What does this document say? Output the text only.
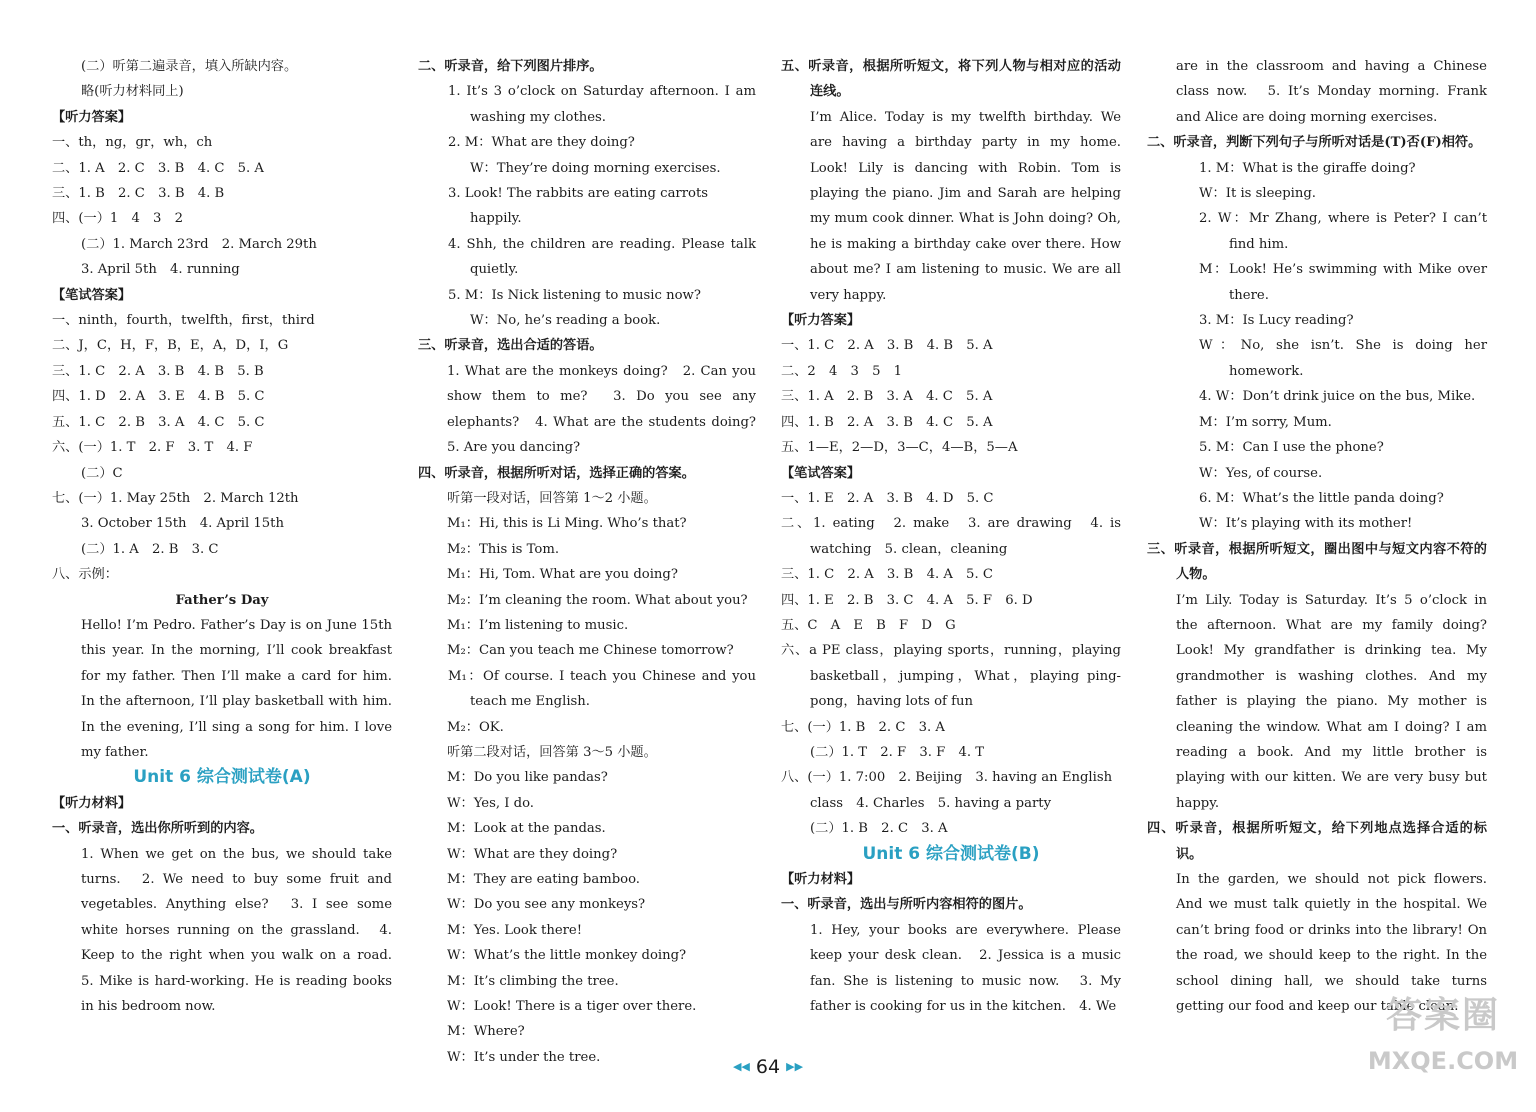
(二）听第二遍录音，填入所缺内容。

略(听力材料同上)

【听力答案】

一、th，ng，gr，wh，ch

二、1. A　2. C　3. B　4. C　5. A

三、1. B　2. C　3. B　4. B

四、(一）1　4　3　2

(二）1. March 23rd　2. March 29th

3. April 5th　4. running

【笔试答案】

一、ninth，fourth，twelfth，first，third

二、J，C，H，F，B，E，A，D，I，G

三、1. C　2. A　3. B　4. B　5. B

四、1. D　2. A　3. E　4. B　5. C

五、1. C　2. B　3. A　4. C　5. C

六、(一）1. T　2. F　3. T　4. F

(二）C

七、(一）1. May 25th　2. March 12th

3. October 15th　4. April 15th

(二）1. A　2. B　3. C

八、示例：

Father’s Day

Hello! I’m Pedro. Father’s Day is on June 15th this year. In the morning, I’ll cook breakfast for my father. Then I’ll make a card for him. In the afternoon, I’ll play basketball with him. In the evening, I’ll sing a song for him. I love my father.

Unit 6 综合测试卷(A)

【听力材料】

一、听录音，选出你所听到的内容。

1. When we get on the bus, we should take turns.　2. We need to buy some fruit and vegetables. Anything else?　3. I see some white horses running on the grassland.　4. Keep to the right when you walk on a road.　5. Mike is hard-working. He is reading books in his bedroom now.

二、听录音，给下列图片排序。

1. It’s 3 o’clock on Saturday afternoon. I am washing my clothes.

2. M：What are they doing?

W：They’re doing morning exercises.

3. Look! The rabbits are eating carrots happily.

4. Shh, the children are reading. Please talk quietly.

5. M：Is Nick listening to music now?

W：No, he’s reading a book.

三、听录音，选出合适的答语。

1. What are the monkeys doing?　2. Can you show them to me?　3. Do you see any elephants?　4. What are the students doing?　5. Are you dancing?

四、听录音，根据所听对话，选择正确的答案。

听第一段对话，回答第 1～2 小题。

M₁：Hi, this is Li Ming. Who’s that?

M₂：This is Tom.

M₁：Hi, Tom. What are you doing?

M₂：I’m cleaning the room. What about you?

M₁：I’m listening to music.

M₂：Can you teach me Chinese tomorrow?

M₁：Of course. I teach you Chinese and you teach me English.

M₂：OK.

听第二段对话，回答第 3～5 小题。

M：Do you like pandas?

W：Yes, I do.

M：Look at the pandas.

W：What are they doing?

M：They are eating bamboo.

W：Do you see any monkeys?

M：Yes. Look there!

W：What’s the little monkey doing?

M：It’s climbing the tree.

W：Look! There is a tiger over there.

M：Where?

W：It’s under the tree.

五、听录音，根据所听短文，将下列人物与相对应的活动连线。

I’m Alice. Today is my twelfth birthday. We are having a birthday party in my home. Look! Lily is dancing with Robin. Tom is playing the piano. Jim and Sarah are helping my mum cook dinner. What is John doing? Oh, he is making a birthday cake over there. How about me? I am listening to music. We are all very happy.

【听力答案】

一、1. C　2. A　3. B　4. B　5. A

二、2　4　3　5　1

三、1. A　2. B　3. A　4. C　5. A

四、1. B　2. A　3. B　4. C　5. A

五、1—E，2—D，3—C，4—B，5—A

【笔试答案】

一、1. E　2. A　3. B　4. D　5. C

二、1. eating　2. make　3. are drawing　4. is watching　5. clean，cleaning

三、1. C　2. A　3. B　4. A　5. C

四、1. E　2. B　3. C　4. A　5. F　6. D

五、C　A　E　B　F　D　G

六、a PE class，playing sports，running，playing basketball，jumping，What，playing ping-pong，having lots of fun

七、(一）1. B　2. C　3. A

(二）1. T　2. F　3. F　4. T

八、(一）1. 7:00　2. Beijing　3. having an English class　4. Charles　5. having a party

(二）1. B　2. C　3. A

Unit 6 综合测试卷(B)

【听力材料】

一、听录音，选出与所听内容相符的图片。

1. Hey, your books are everywhere. Please keep your desk clean.　2. Jessica is a music fan. She is listening to music now.　3. My father is cooking for us in the kitchen.　4. We

are in the classroom and having a Chinese class now.　5. It’s Monday morning. Frank and Alice are doing morning exercises.

二、听录音，判断下列句子与所听对话是(T)否(F)相符。

1. M：What is the giraffe doing?

W：It is sleeping.

2. W：Mr Zhang, where is Peter? I can’t find him.

M：Look! He’s swimming with Mike over there.

3. M：Is Lucy reading?

W：No, she isn’t. She is doing her homework.

4. W：Don’t drink juice on the bus, Mike.

M：I’m sorry, Mum.

5. M：Can I use the phone?

W：Yes, of course.

6. M：What’s the little panda doing?

W：It’s playing with its mother!

三、听录音，根据所听短文，圈出图中与短文内容不符的人物。

I’m Lily. Today is Saturday. It’s 5 o’clock in the afternoon. What are my family doing? Look! My grandfather is drinking tea. My grandmother is washing clothes. And my father is playing the piano. My mother is cleaning the window. What am I doing? I am reading a book. And my little brother is playing with our kitten. We are very busy but happy.

四、听录音，根据所听短文，给下列地点选择合适的标识。

In the garden, we should not pick flowers. And we must talk quietly in the hospital. We can’t bring food or drinks into the library! On the road, we should keep to the right. In the school dining hall, we should take turns getting our food and keep our table clean.

◀◀ 64 ▶▶
答案圈
MXQE.COM
